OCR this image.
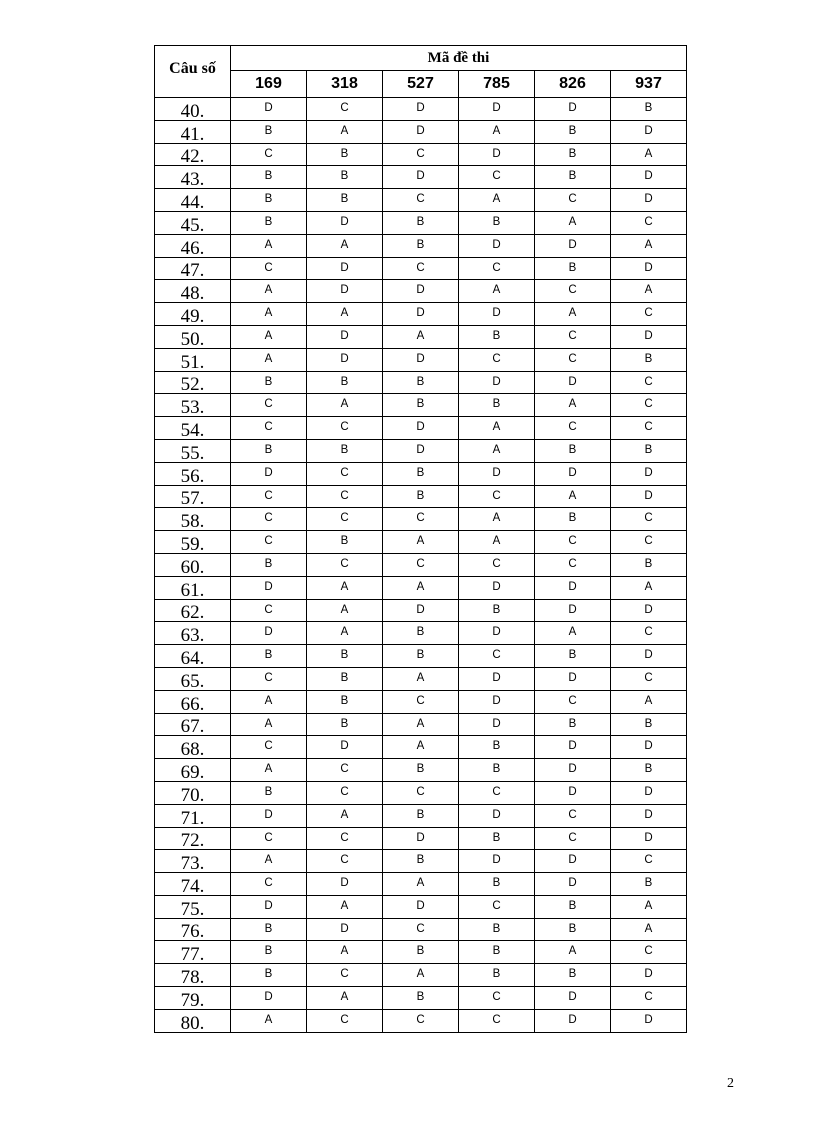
Câu số	Mã đề thi					
	169	318	527	785	826	937
40.	D	C	D	D	D	B
41.	B	A	D	A	B	D
42.	C	B	C	D	B	A
43.	B	B	D	C	B	D
44.	B	B	C	A	C	D
45.	B	D	B	B	A	C
46.	A	A	B	D	D	A
47.	C	D	C	C	B	D
48.	A	D	D	A	C	A
49.	A	A	D	D	A	C
50.	A	D	A	B	C	D
51.	A	D	D	C	C	B
52.	B	B	B	D	D	C
53.	C	A	B	B	A	C
54.	C	C	D	A	C	C
55.	B	B	D	A	B	B
56.	D	C	B	D	D	D
57.	C	C	B	C	A	D
58.	C	C	C	A	B	C
59.	C	B	A	A	C	C
60.	B	C	C	C	C	B
61.	D	A	A	D	D	A
62.	C	A	D	B	D	D
63.	D	A	B	D	A	C
64.	B	B	B	C	B	D
65.	C	B	A	D	D	C
66.	A	B	C	D	C	A
67.	A	B	A	D	B	B
68.	C	D	A	B	D	D
69.	A	C	B	B	D	B
70.	B	C	C	C	D	D
71.	D	A	B	D	C	D
72.	C	C	D	B	C	D
73.	A	C	B	D	D	C
74.	C	D	A	B	D	B
75.	D	A	D	C	B	A
76.	B	D	C	B	B	A
77.	B	A	B	B	A	C
78.	B	C	A	B	B	D
79.	D	A	B	C	D	C
80.	A	C	C	C	D	D
2
